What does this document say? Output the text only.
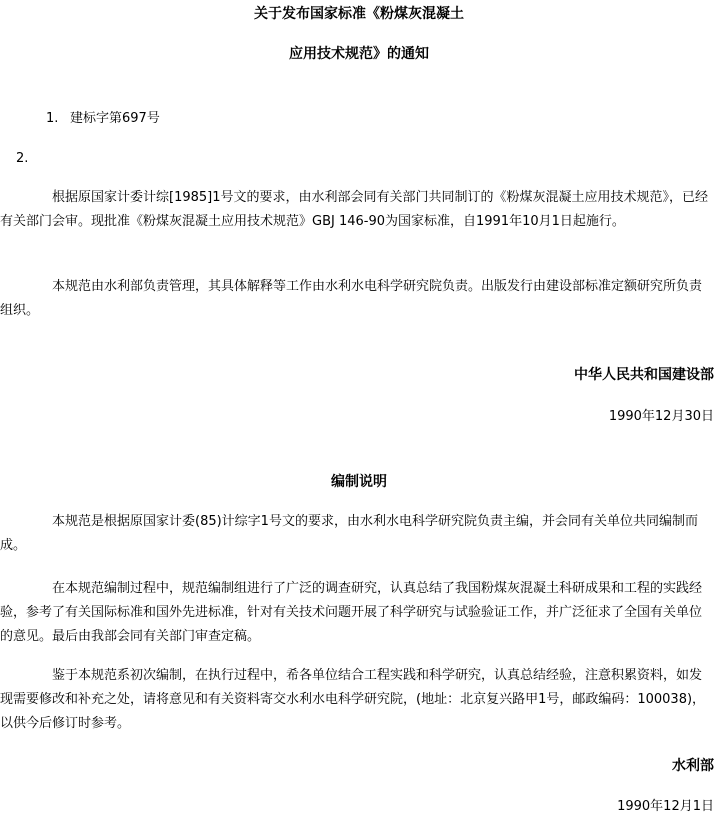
关于发布国家标准《粉煤灰混凝土
应用技术规范》的通知
1. 建标字第697号
2.

根据原国家计委计综[1985]1号文的要求，由水利部会同有关部门共同制订的《粉煤灰混凝土应用技术规范》，已经有关部门会审。现批准《粉煤灰混凝土应用技术规范》GBJ 146-90为国家标准，自1991年10月1日起施行。

本规范由水利部负责管理，其具体解释等工作由水利水电科学研究院负责。出版发行由建设部标准定额研究所负责组织。

中华人民共和国建设部
1990年12月30日
编制说明

本规范是根据原国家计委(85)计综字1号文的要求，由水利水电科学研究院负责主编，并会同有关单位共同编制而成。

在本规范编制过程中，规范编制组进行了广泛的调查研究，认真总结了我国粉煤灰混凝土科研成果和工程的实践经验，参考了有关国际标准和国外先进标准，针对有关技术问题开展了科学研究与试验验证工作，并广泛征求了全国有关单位的意见。最后由我部会同有关部门审查定稿。

鉴于本规范系初次编制，在执行过程中，希各单位结合工程实践和科学研究，认真总结经验，注意积累资料，如发现需要修改和补充之处，请将意见和有关资料寄交水利水电科学研究院，(地址：北京复兴路甲1号，邮政编码：100038)，以供今后修订时参考。

水利部
1990年12月1日
